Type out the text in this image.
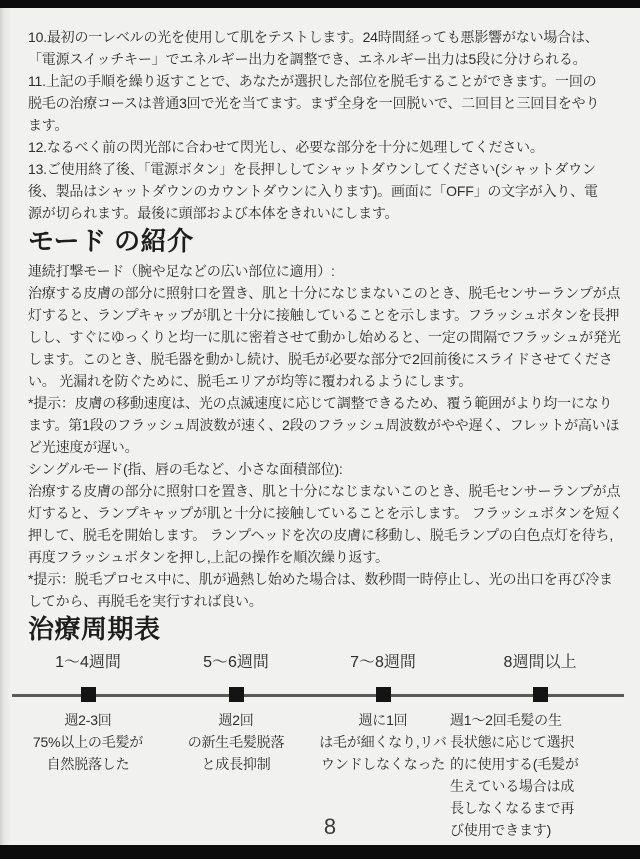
10.最初の一レベルの光を使用して肌をテストします。24時間経っても悪影響がない場合は、
「電源スイッチキー」でエネルギー出力を調整でき、エネルギー出力は5段に分けられる。
11.上記の手順を繰り返すことで、あなたが選択した部位を脱毛することができます。一回の
脱毛の治療コースは普通3回で光を当てます。まず全身を一回脱いで、二回目と三回目をやり
ます。
12.なるべく前の閃光部に合わせて閃光し、必要な部分を十分に処理してください。
13.ご使用終了後、「電源ボタン」を長押ししてシャットダウンしてください(シャットダウン
後、製品はシャットダウンのカウントダウンに入ります)。画面に「OFF」の文字が入り、電
源が切られます。最後に頭部および本体をきれいにします。
モード の紹介
連続打撃モード（腕や足などの広い部位に適用）:
治療する皮膚の部分に照射口を置き、肌と十分になじまないこのとき、脱毛センサーランプが点
灯すると、ランプキャップが肌と十分に接触していることを示します。フラッシュボタンを長押
しし、すぐにゆっくりと均一に肌に密着させて動かし始めると、一定の間隔でフラッシュが発光
します。このとき、脱毛器を動かし続け、脱毛が必要な部分で2回前後にスライドさせてくださ
い。 光漏れを防ぐために、脱毛エリアが均等に覆われるようにします。
*提示：皮膚の移動速度は、光の点滅速度に応じて調整できるため、覆う範囲がより均一になり
ます。第1段のフラッシュ周波数が速く、2段のフラッシュ周波数がやや遅く、フレットが高いほ
ど光速度が遅い。
シングルモード(指、唇の毛など、小さな面積部位):
治療する皮膚の部分に照射口を置き、肌と十分になじまないこのとき、脱毛センサーランプが点
灯すると、ランプキャップが肌と十分に接触していることを示します。 フラッシュボタンを短く
押して、脱毛を開始します。 ランプヘッドを次の皮膚に移動し、脱毛ランプの白色点灯を待ち,
再度フラッシュボタンを押し,上記の操作を順次繰り返す。
*提示：脱毛プロセス中に、肌が過熱し始めた場合は、数秒間一時停止し、光の出口を再び冷ま
してから、再脱毛を実行すれば良い。
治療周期表
1～4週間
週2-3回
75%以上の毛髪が
自然脱落した
5～6週間
週2回
の新生毛髪脱落
と成長抑制
7～8週間
週に1回
は毛が細くなり,リバ
ウンドしなくなった
8週間以上
週1～2回毛髪の生
長状態に応じて選択
的に使用する(毛髪が
生えている場合は成
長しなくなるまで再
び使用できます)
8
